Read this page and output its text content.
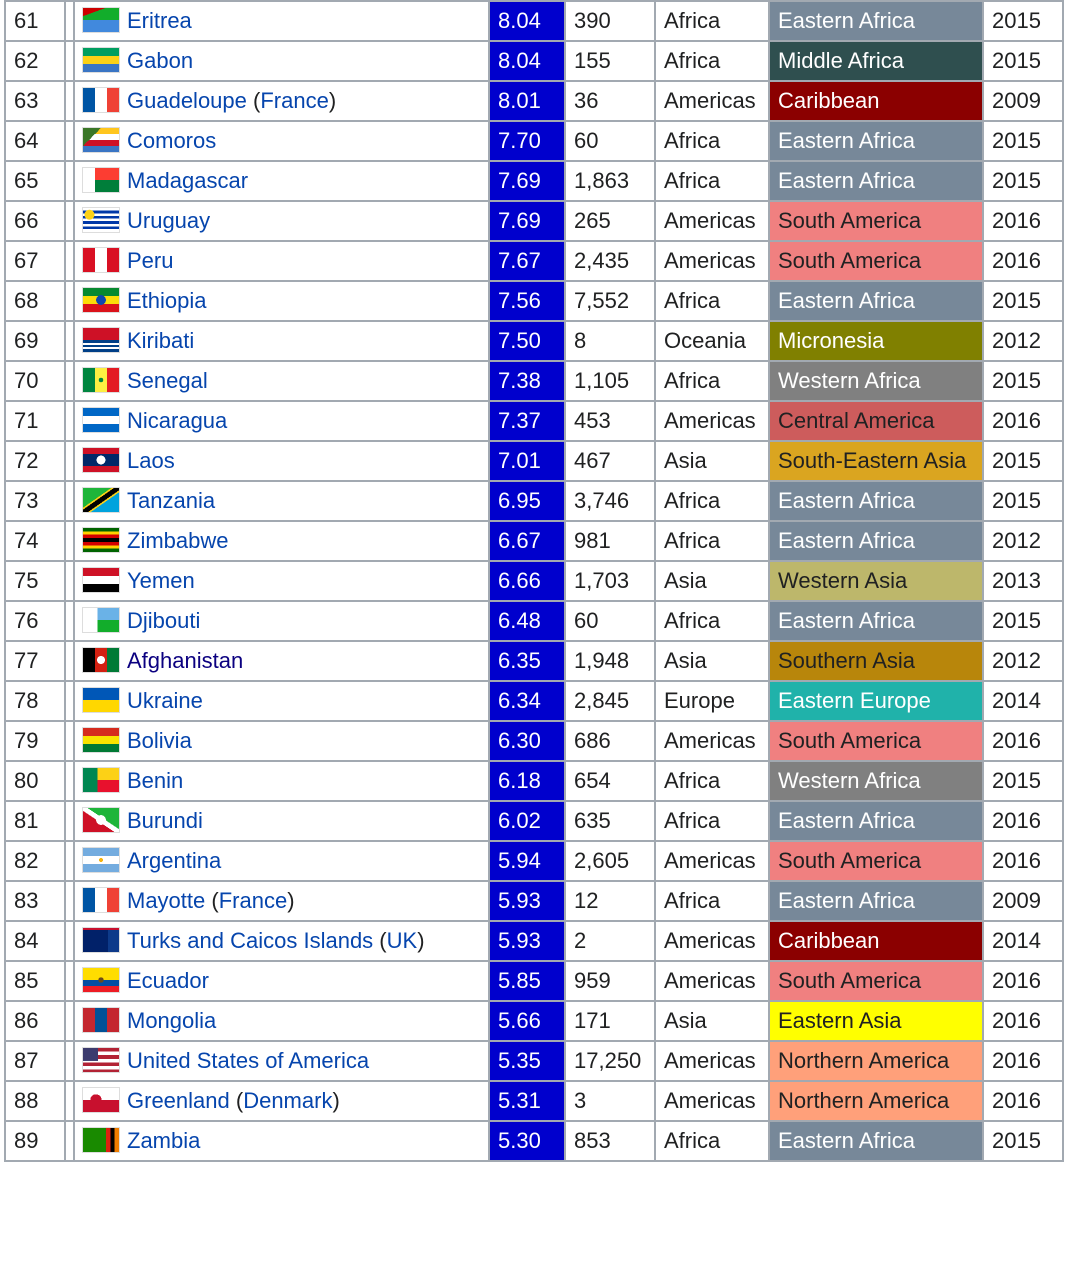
61		Eritrea	8.04	390	Africa	Eastern Africa	2015
62		Gabon	8.04	155	Africa	Middle Africa	2015
63		Guadeloupe (France)	8.01	36	Americas	Caribbean	2009
64		Comoros	7.70	60	Africa	Eastern Africa	2015
65		Madagascar	7.69	1,863	Africa	Eastern Africa	2015
66		Uruguay	7.69	265	Americas	South America	2016
67		Peru	7.67	2,435	Americas	South America	2016
68		Ethiopia	7.56	7,552	Africa	Eastern Africa	2015
69		Kiribati	7.50	8	Oceania	Micronesia	2012
70		Senegal	7.38	1,105	Africa	Western Africa	2015
71		Nicaragua	7.37	453	Americas	Central America	2016
72		Laos	7.01	467	Asia	South-Eastern Asia	2015
73		Tanzania	6.95	3,746	Africa	Eastern Africa	2015
74		Zimbabwe	6.67	981	Africa	Eastern Africa	2012
75		Yemen	6.66	1,703	Asia	Western Asia	2013
76		Djibouti	6.48	60	Africa	Eastern Africa	2015
77		Afghanistan	6.35	1,948	Asia	Southern Asia	2012
78		Ukraine	6.34	2,845	Europe	Eastern Europe	2014
79		Bolivia	6.30	686	Americas	South America	2016
80		Benin	6.18	654	Africa	Western Africa	2015
81		Burundi	6.02	635	Africa	Eastern Africa	2016
82		Argentina	5.94	2,605	Americas	South America	2016
83		Mayotte (France)	5.93	12	Africa	Eastern Africa	2009
84		Turks and Caicos Islands (UK)	5.93	2	Americas	Caribbean	2014
85		Ecuador	5.85	959	Americas	South America	2016
86		Mongolia	5.66	171	Asia	Eastern Asia	2016
87		United States of America	5.35	17,250	Americas	Northern America	2016
88		Greenland (Denmark)	5.31	3	Americas	Northern America	2016
89		Zambia	5.30	853	Africa	Eastern Africa	2015
